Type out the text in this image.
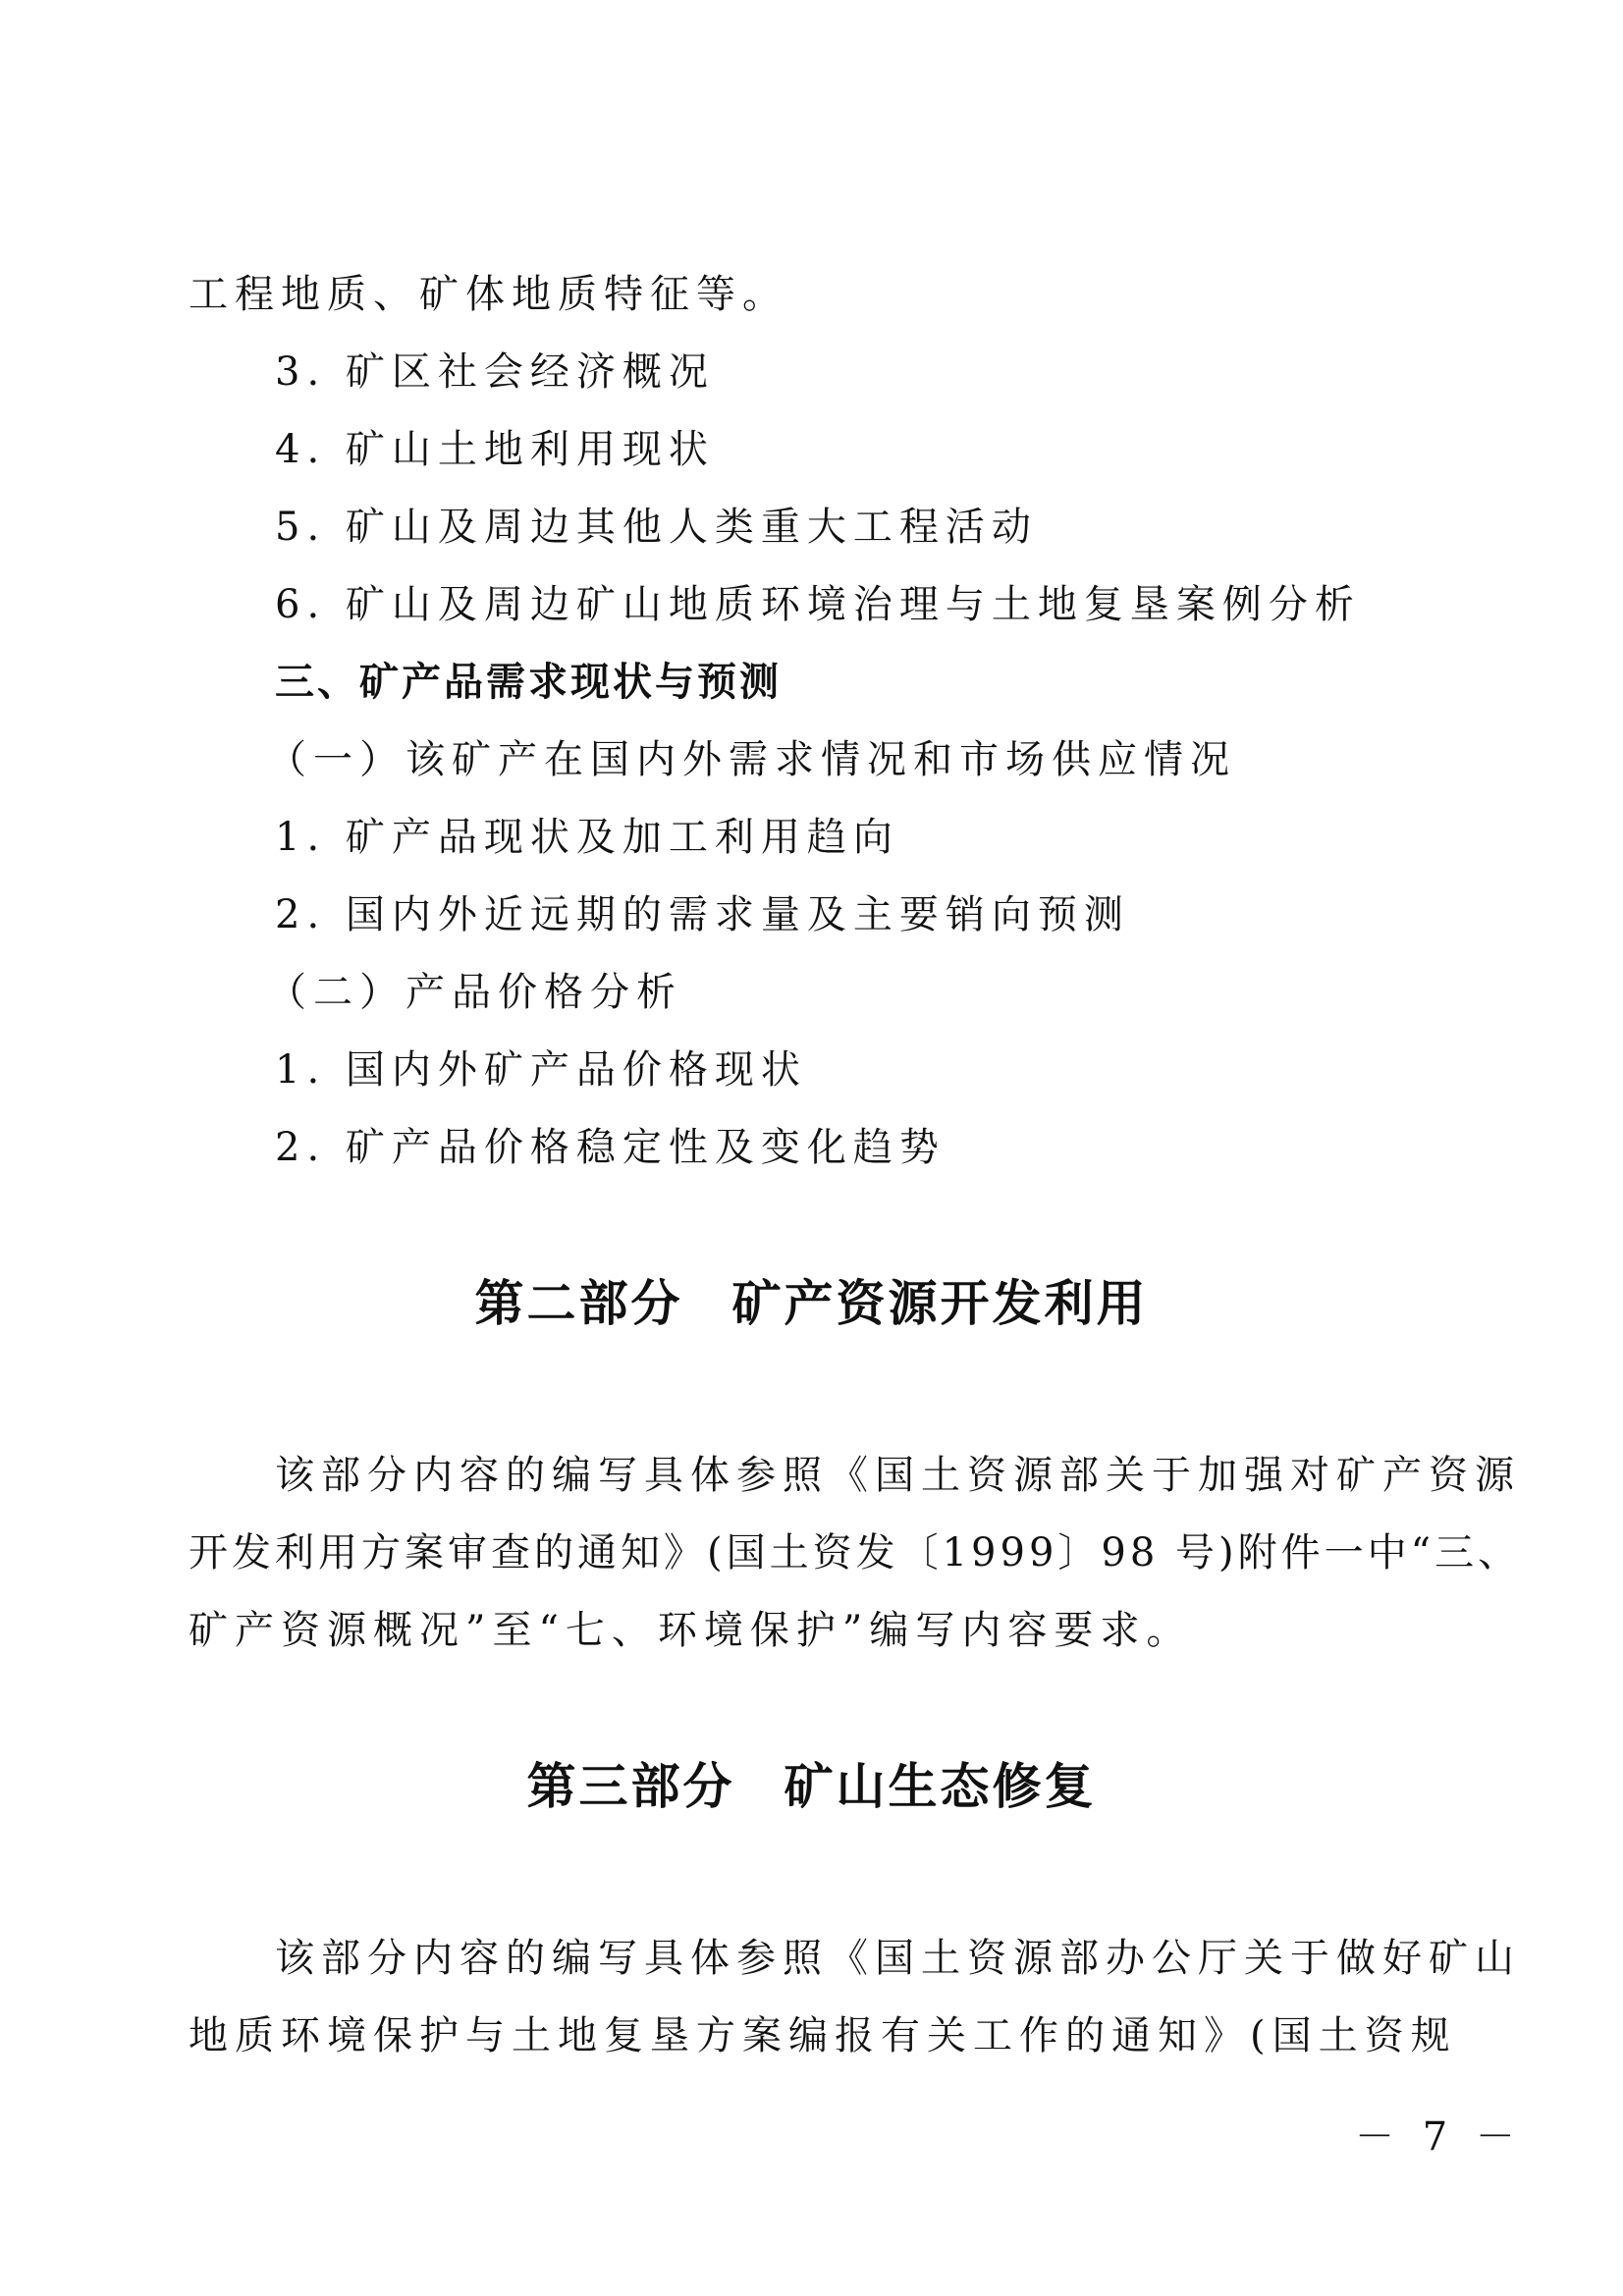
工程地质、矿体地质特征等。
3. 矿区社会经济概况
4. 矿山土地利用现状
5. 矿山及周边其他人类重大工程活动
6. 矿山及周边矿山地质环境治理与土地复垦案例分析
三、矿产品需求现状与预测
（一）该矿产在国内外需求情况和市场供应情况
1. 矿产品现状及加工利用趋向
2. 国内外近远期的需求量及主要销向预测
（二）产品价格分析
1. 国内外矿产品价格现状
2. 矿产品价格稳定性及变化趋势
第二部分 矿产资源开发利用
该部分内容的编写具体参照《国土资源部关于加强对矿产资源
开发利用方案审查的通知》(国土资发〔1999〕98 号)附件一中“三、
矿产资源概况”至“七、环境保护”编写内容要求。
第三部分 矿山生态修复
该部分内容的编写具体参照《国土资源部办公厅关于做好矿山
地质环境保护与土地复垦方案编报有关工作的通知》(国土资规
－ 7 －
